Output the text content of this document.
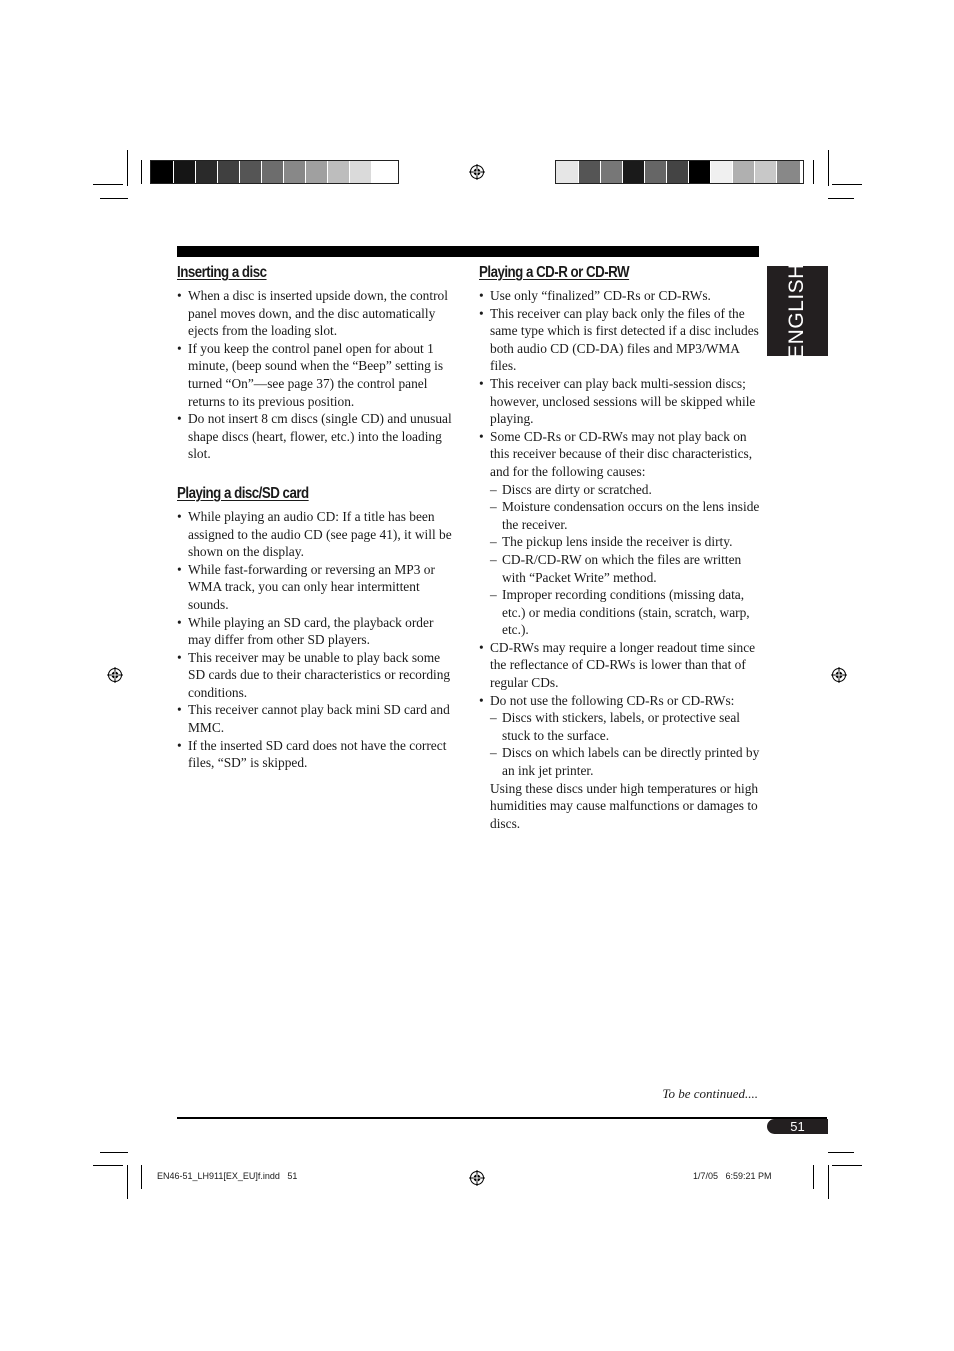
ENGLISH
Inserting a disc
• When a disc is inserted upside down, the control panel moves down, and the disc automatically ejects from the loading slot.
• If you keep the control panel open for about 1 minute, (beep sound when the “Beep” setting is turned “On”—see page 37) the control panel returns to its previous position.
• Do not insert 8 cm discs (single CD) and unusual shape discs (heart, flower, etc.) into the loading slot.
Playing a disc/SD card
• While playing an audio CD: If a title has been assigned to the audio CD (see page 41), it will be shown on the display.
• While fast-forwarding or reversing an MP3 or WMA track, you can only hear intermittent sounds.
• While playing an SD card, the playback order may differ from other SD players.
• This receiver may be unable to play back some SD cards due to their characteristics or recording conditions.
• This receiver cannot play back mini SD card and MMC.
• If the inserted SD card does not have the correct files, “SD” is skipped.
Playing a CD-R or CD-RW
• Use only “finalized” CD-Rs or CD-RWs.
• This receiver can play back only the files of the same type which is first detected if a disc includes both audio CD (CD-DA) files and MP3/WMA files.
• This receiver can play back multi-session discs; however, unclosed sessions will be skipped while playing.
• Some CD-Rs or CD-RWs may not play back on this receiver because of their disc characteristics, and for the following causes:
– Discs are dirty or scratched.
– Moisture condensation occurs on the lens inside the receiver.
– The pickup lens inside the receiver is dirty.
– CD-R/CD-RW on which the files are written with “Packet Write” method.
– Improper recording conditions (missing data, etc.) or media conditions (stain, scratch, warp, etc.).
• CD-RWs may require a longer readout time since the reflectance of CD-RWs is lower than that of regular CDs.
• Do not use the following CD-Rs or CD-RWs:
– Discs with stickers, labels, or protective seal stuck to the surface.
– Discs on which labels can be directly printed by an ink jet printer.
Using these discs under high temperatures or high humidities may cause malfunctions or damages to discs.
To be continued....
51
EN46-51_LH911[EX_EU]f.indd   51	1/7/05   6:59:21 PM
